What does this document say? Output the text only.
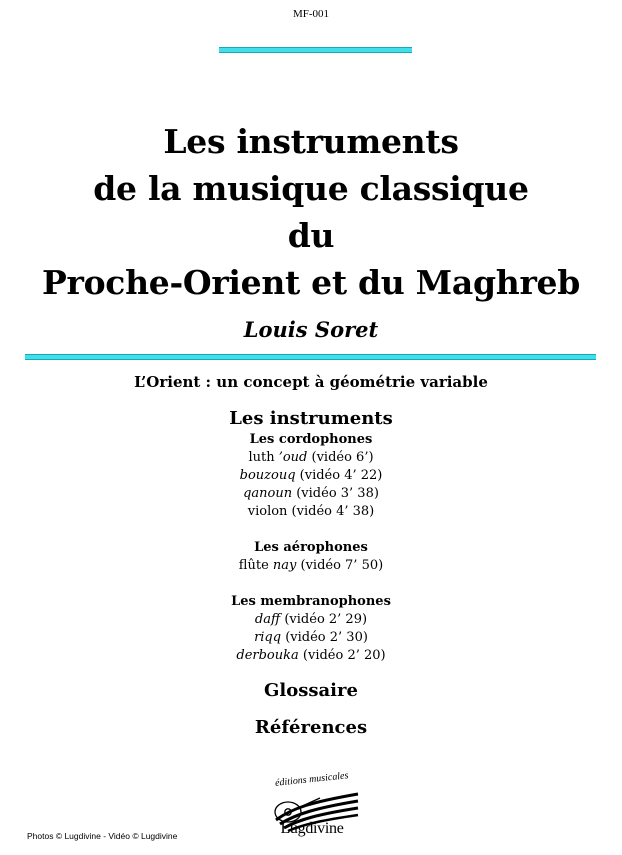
MF-001
Les instruments
de la musique classique
du
Proche-Orient et du Maghreb
Louis Soret
L’Orient : un concept à géométrie variable
Les instruments
Les cordophones
luth ’oud (vidéo 6’)
bouzouq (vidéo 4’ 22)
qanoun (vidéo 3’ 38)
violon (vidéo 4’ 38)
Les aérophones
flûte nay (vidéo 7’ 50)
Les membranophones
daff (vidéo 2’ 29)
riqq (vidéo 2’ 30)
derbouka (vidéo 2’ 20)
Glossaire
Références
Photos © Lugdivine - Vidéo © Lugdivine
éditions musicales
Lugdivine
